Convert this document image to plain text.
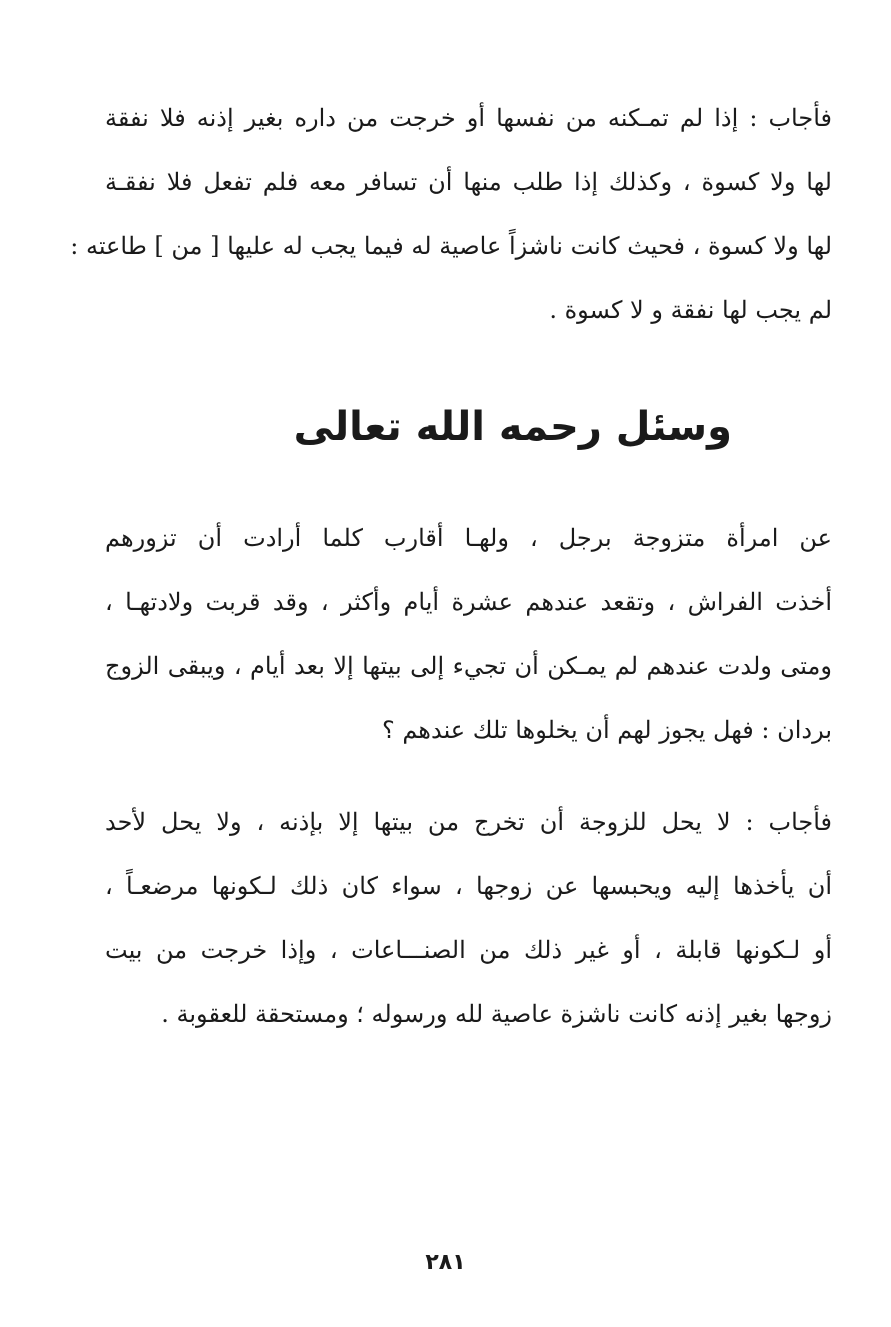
فأجاب : إذا لم تمـكنه من نفسها أو خرجت من داره بغير إذنه فلا نفقة
لها ولا كسوة ، وكذلك إذا طلب منها أن تسافر معه فلم تفعل فلا نفقـة
لها ولا كسوة ، فحيث كانت ناشزاً عاصية له فيما يجب له عليها [ من ] طاعته :
لم يجب لها نفقة و لا كسوة .
وسئل رحمه الله تعالى
عن امرأة متزوجة برجل ، ولهـا أقارب كلما أرادت أن تزورهم
أخذت الفراش ، وتقعد عندهم عشرة أيام وأكثر ، وقد قربت ولادتهـا ،
ومتى ولدت عندهم لم يمـكن أن تجيء إلى بيتها إلا بعد أيام ، ويبقى الزوج
بردان : فهل يجوز لهم أن يخلوها تلك عندهم ؟
فأجاب : لا يحل للزوجة أن تخرج من بيتها إلا بإذنه ، ولا يحل لأحد
أن يأخذها إليه ويحبسها عن زوجها ، سواء كان ذلك لـكونها مرضعـاً ،
أو لـكونها قابلة ، أو غير ذلك من الصنـــاعات ، وإذا خرجت من بيت
زوجها بغير إذنه كانت ناشزة عاصية لله ورسوله ؛ ومستحقة للعقوبة .
٢٨١
